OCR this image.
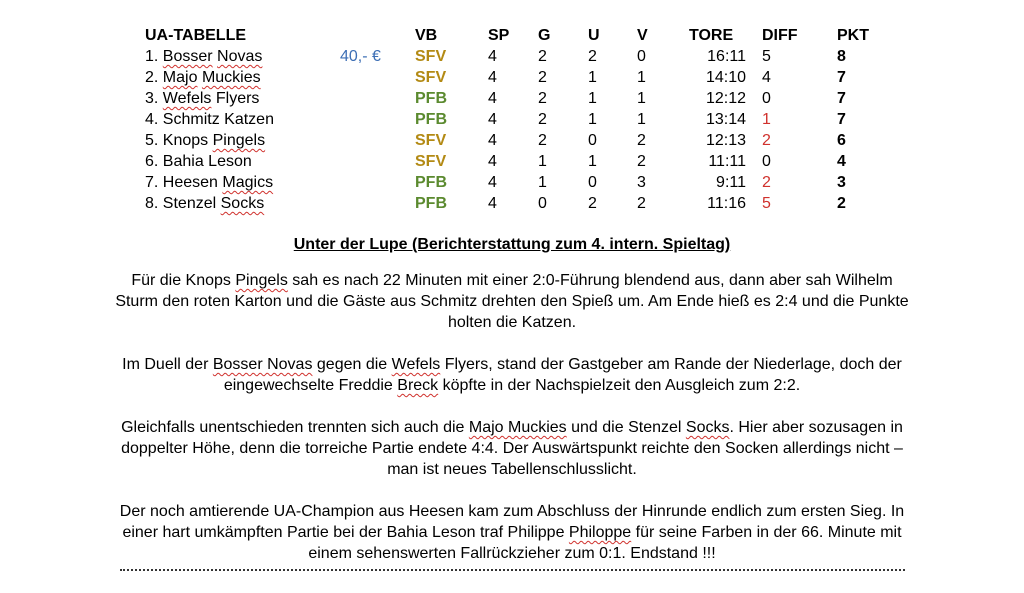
UA-TABELLE	VB	SP G U V	TORE	DIFF PKT
1. Bosser Novas	40,- € SFV	4	2	2	0	16:11 5	8
2. Majo Muckies	SFV	4	2	1	1	14:10 4	7
3. Wefels Flyers	PFB	4	2	1	1	12:12 0	7
4. Schmitz Katzen	PFB	4	2	1	1	13:14 1	7
5. Knops Pingels	SFV	4	2	0	2	12:13 2	6
6. Bahia Leson	SFV	4	1	1	2	11:11 0	4
7. Heesen Magics	PFB	4	1	0	3	9:11 2	3
8. Stenzel Socks	PFB	4	0	2	2	11:16 5	2
Unter der Lupe (Berichterstattung zum 4. intern. Spieltag)

Für die Knops Pingels sah es nach 22 Minuten mit einer 2:0-Führung blendend aus, dann aber sah Wilhelm Sturm den roten Karton und die Gäste aus Schmitz drehten den Spieß um. Am Ende hieß es 2:4 und die Punkte holten die Katzen.

Im Duell der Bosser Novas gegen die Wefels Flyers, stand der Gastgeber am Rande der Niederlage, doch der eingewechselte Freddie Breck köpfte in der Nachspielzeit den Ausgleich zum 2:2.

Gleichfalls unentschieden trennten sich auch die Majo Muckies und die Stenzel Socks. Hier aber sozusagen in doppelter Höhe, denn die torreiche Partie endete 4:4. Der Auswärtspunkt reichte den Socken allerdings nicht – man ist neues Tabellenschlusslicht.

Der noch amtierende UA-Champion aus Heesen kam zum Abschluss der Hinrunde endlich zum ersten Sieg. In einer hart umkämpften Partie bei der Bahia Leson traf Philippe Philoppe für seine Farben in der 66. Minute mit einem sehenswerten Fallrückzieher zum 0:1. Endstand !!!
